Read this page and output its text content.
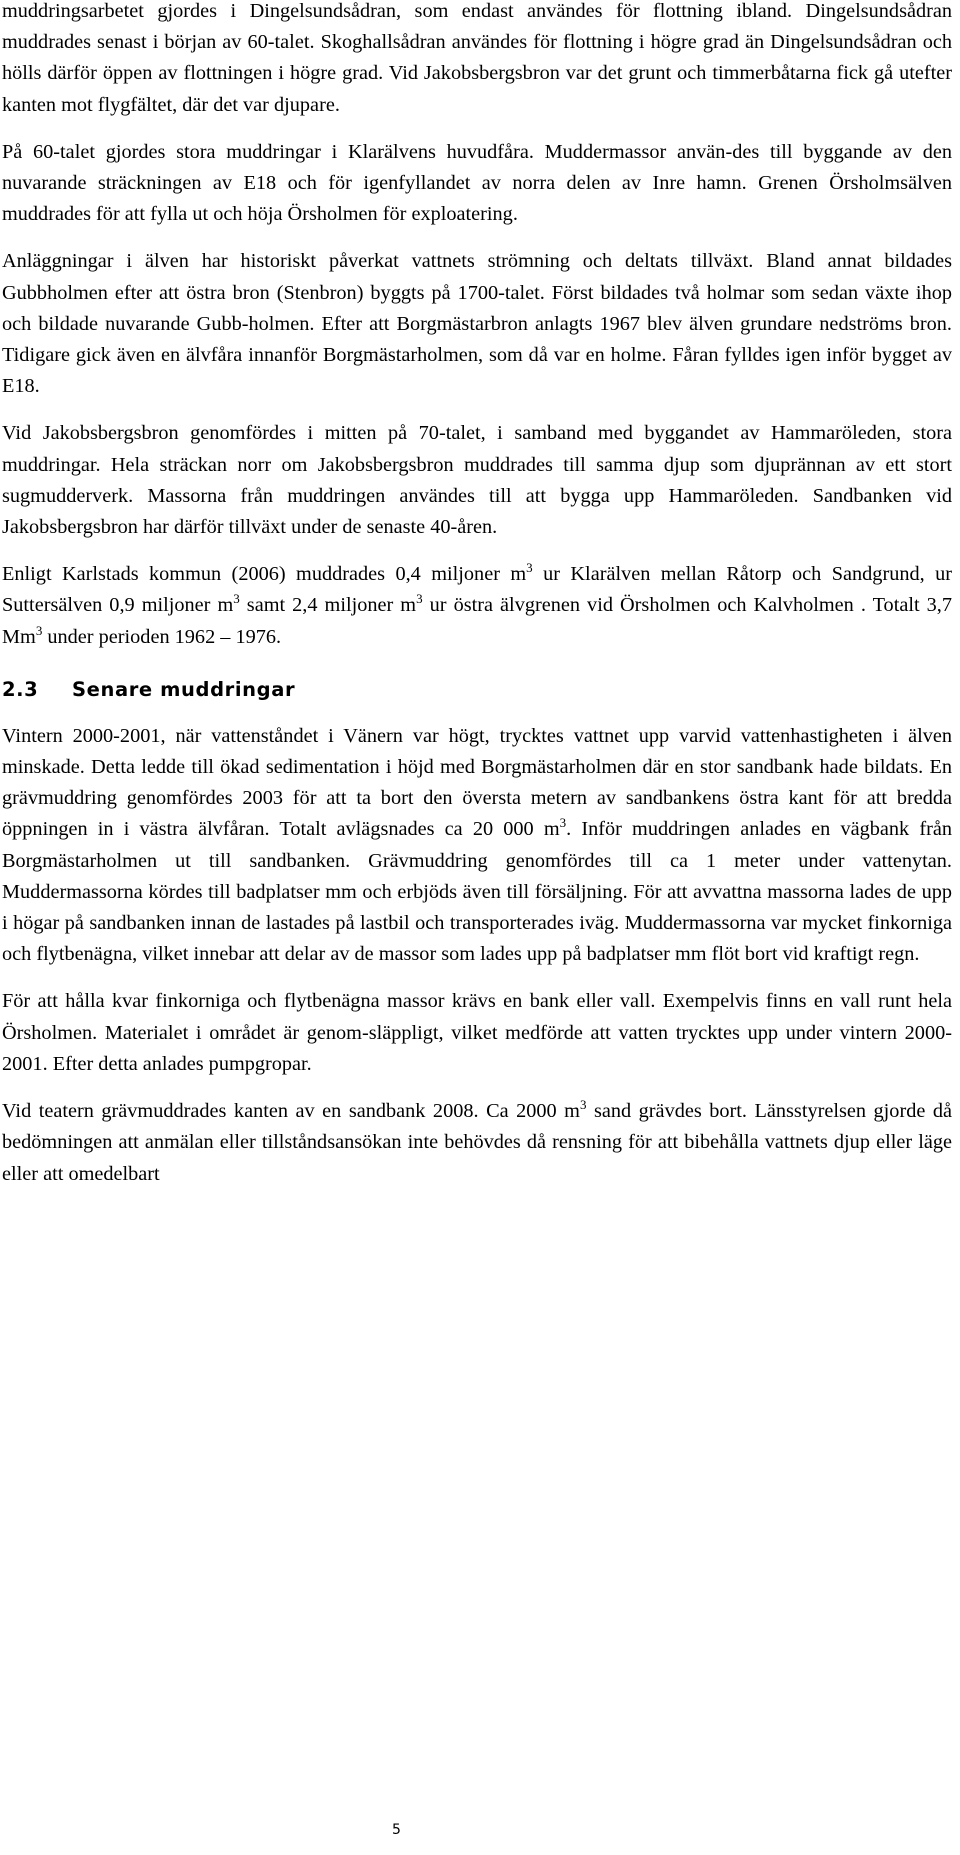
muddringsarbetet gjordes i Dingelsundsådran, som endast användes för flottning ibland. Dingelsundsådran muddrades senast i början av 60-talet. Skoghallsådran användes för flottning i högre grad än Dingelsundsådran och hölls därför öppen av flottningen i högre grad. Vid Jakobsbergsbron var det grunt och timmerbåtarna fick gå utefter kanten mot flygfältet, där det var djupare.

På 60-talet gjordes stora muddringar i Klarälvens huvudfåra. Muddermassor använ-des till byggande av den nuvarande sträckningen av E18 och för igenfyllandet av norra delen av Inre hamn. Grenen Örsholmsälven muddrades för att fylla ut och höja Örsholmen för exploatering.

Anläggningar i älven har historiskt påverkat vattnets strömning och deltats tillväxt. Bland annat bildades Gubbholmen efter att östra bron (Stenbron) byggts på 1700-talet. Först bildades två holmar som sedan växte ihop och bildade nuvarande Gubb-holmen. Efter att Borgmästarbron anlagts 1967 blev älven grundare nedströms bron. Tidigare gick även en älvfåra innanför Borgmästarholmen, som då var en holme. Fåran fylldes igen inför bygget av E18.

Vid Jakobsbergsbron genomfördes i mitten på 70-talet, i samband med byggandet av Hammaröleden, stora muddringar. Hela sträckan norr om Jakobsbergsbron muddrades till samma djup som djuprännan av ett stort sugmudderverk. Massorna från muddringen användes till att bygga upp Hammaröleden. Sandbanken vid Jakobsbergsbron har därför tillväxt under de senaste 40-åren.

Enligt Karlstads kommun (2006) muddrades 0,4 miljoner $m^3$ ur Klarälven mellan Råtorp och Sandgrund, ur Suttersälven 0,9 miljoner $m^3$ samt 2,4 miljoner $m^3$ ur östra älvgrenen vid Örsholmen och Kalvholmen . Totalt 3,7 Mm$^3$ under perioden 1962 – 1976.

2.3 Senare muddringar

Vintern 2000-2001, när vattenståndet i Vänern var högt, trycktes vattnet upp varvid vattenhastigheten i älven minskade. Detta ledde till ökad sedimentation i höjd med Borgmästarholmen där en stor sandbank hade bildats. En grävmuddring genomfördes 2003 för att ta bort den översta metern av sandbankens östra kant för att bredda öppningen in i västra älvfåran. Totalt avlägsnades ca 20 000 $m^3$. Inför muddringen anlades en vägbank från Borgmästarholmen ut till sandbanken. Grävmuddring genomfördes till ca 1 meter under vattenytan. Muddermassorna kördes till badplatser mm och erbjöds även till försäljning. För att avvattna massorna lades de upp i högar på sandbanken innan de lastades på lastbil och transporterades iväg. Muddermassorna var mycket finkorniga och flytbenägna, vilket innebar att delar av de massor som lades upp på badplatser mm flöt bort vid kraftigt regn.

För att hålla kvar finkorniga och flytbenägna massor krävs en bank eller vall. Exempelvis finns en vall runt hela Örsholmen. Materialet i området är genom-släppligt, vilket medförde att vatten trycktes upp under vintern 2000-2001. Efter detta anlades pumpgropar.

Vid teatern grävmuddrades kanten av en sandbank 2008. Ca 2000 $m^3$ sand grävdes bort. Länsstyrelsen gjorde då bedömningen att anmälan eller tillståndsansökan inte behövdes då rensning för att bibehålla vattnets djup eller läge eller att omedelbart

5
